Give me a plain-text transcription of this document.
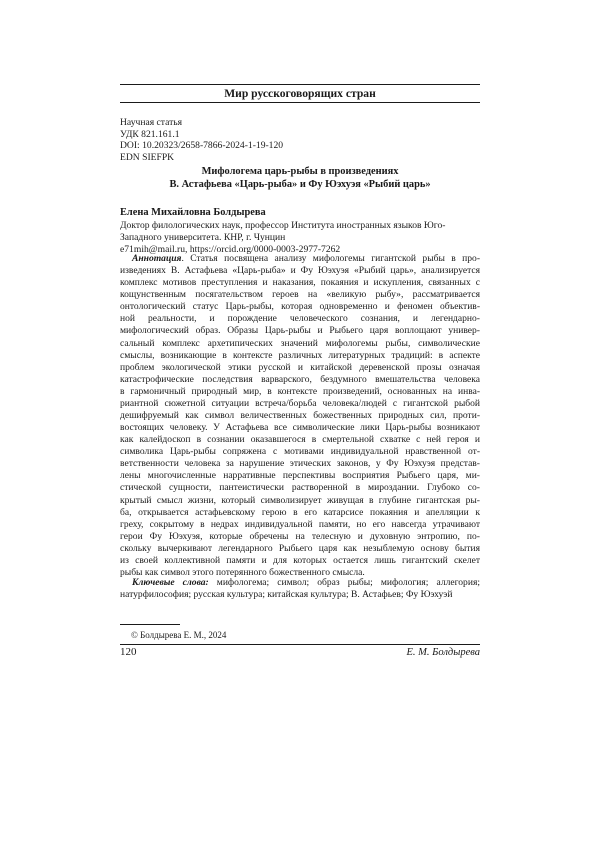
Мир русскоговорящих стран
Научная статья
УДК 821.161.1
DOI: 10.20323/2658-7866-2024-1-19-120
EDN SIEFPK
Мифологема царь-рыбы в произведениях
В. Астафьева «Царь-рыба» и Фу Юэхуэя «Рыбий царь»
Елена Михайловна Болдырева
Доктор филологических наук, профессор Института иностранных языков Юго-
Западного университета. КНР, г. Чунцин
e71mih@mail.ru, https://orcid.org/0000-0003-2977-7262
Аннотация. Статья посвящена анализу мифологемы гигантской рыбы в про-
изведениях В. Астафьева «Царь-рыба» и Фу Юэхуэя «Рыбий царь», анализируется
комплекс мотивов преступления и наказания, покаяния и искупления, связанных с
кощунственным посягательством героев на «великую рыбу», рассматривается
онтологический статус Царь-рыбы, которая одновременно и феномен объектив-
ной реальности, и порождение человеческого сознания, и легендарно-
мифологический образ. Образы Царь-рыбы и Рыбьего царя воплощают универ-
сальный комплекс архетипических значений мифологемы рыбы, символические
смыслы, возникающие в контексте различных литературных традиций: в аспекте
проблем экологической этики русской и китайской деревенской прозы означая
катастрофические последствия варварского, бездумного вмешательства человека
в гармоничный природный мир, в контексте произведений, основанных на инва-
риантной сюжетной ситуации встреча/борьба человека/людей с гигантской рыбой
дешифруемый как символ величественных божественных природных сил, проти-
востоящих человеку. У Астафьева все символические лики Царь-рыбы возникают
как калейдоскоп в сознании оказавшегося в смертельной схватке с ней героя и
символика Царь-рыбы сопряжена с мотивами индивидуальной нравственной от-
ветственности человека за нарушение этических законов, у Фу Юэхуэя представ-
лены многочисленные нарративные перспективы восприятия Рыбьего царя, ми-
стической сущности, пантеистически растворенной в мироздании. Глубоко со-
крытый смысл жизни, который символизирует живущая в глубине гигантская ры-
ба, открывается астафьевскому герою в его катарсисе покаяния и апелляции к
греху, сокрытому в недрах индивидуальной памяти, но его навсегда утрачивают
герои Фу Юэхуэя, которые обречены на телесную и духовную энтропию, по-
скольку вычеркивают легендарного Рыбьего царя как незыблемую основу бытия
из своей коллективной памяти и для которых остается лишь гигантский скелет
рыбы как символ этого потерянного божественного смысла.
Ключевые слова: мифологема; символ; образ рыбы; мифология; аллегория;
натурфилософия; русская культура; китайская культура; В. Астафьев; Фу Юэхуэй
© Болдырева Е. М., 2024
120	Е. М. Болдырева
